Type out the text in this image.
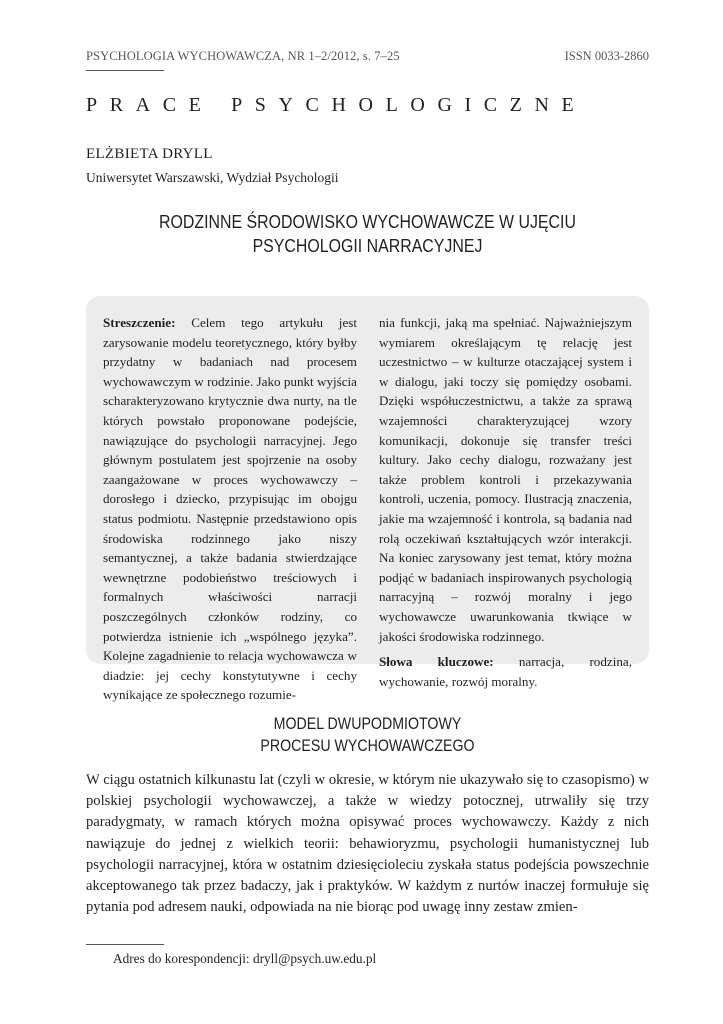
PSYCHOLOGIA WYCHOWAWCZA, NR 1–2/2012, s. 7–25	ISSN 0033-2860
PRACE PSYCHOLOGICZNE
ELŻBIETA DRYLL
Uniwersytet Warszawski, Wydział Psychologii
RODZINNE ŚRODOWISKO WYCHOWAWCZE W UJĘCIU
PSYCHOLOGII NARRACYJNEJ

Streszczenie: Celem tego artykułu jest zarysowanie modelu teoretycznego, który byłby przydatny w badaniach nad procesem wychowawczym w rodzinie. Jako punkt wyjścia scharakteryzowano krytycznie dwa nurty, na tle których powstało proponowane podejście, nawiązujące do psychologii narracyjnej. Jego głównym postulatem jest spojrzenie na osoby zaangażowane w proces wychowawczy – dorosłego i dziecko, przypisując im obojgu status podmiotu. Następnie przedstawiono opis środowiska rodzinnego jako niszy semantycznej, a także badania stwierdzające wewnętrzne podobieństwo treściowych i formalnych właściwości narracji poszczególnych członków rodziny, co potwierdza istnienie ich „wspólnego języka”. Kolejne zagadnienie to relacja wychowawcza w diadzie: jej cechy konstytutywne i cechy wynikające ze społecznego rozumie-

nia funkcji, jaką ma spełniać. Najważniejszym wymiarem określającym tę relację jest uczestnictwo – w kulturze otaczającej system i w dialogu, jaki toczy się pomiędzy osobami. Dzięki współuczestnictwu, a także za sprawą wzajemności charakteryzującej wzory komunikacji, dokonuje się transfer treści kultury. Jako cechy dialogu, rozważany jest także problem kontroli i przekazywania kontroli, uczenia, pomocy. Ilustracją znaczenia, jakie ma wzajemność i kontrola, są badania nad rolą oczekiwań kształtujących wzór interakcji. Na koniec zarysowany jest temat, który można podjąć w badaniach inspirowanych psychologią narracyjną – rozwój moralny i jego wychowawcze uwarunkowania tkwiące w jakości środowiska rodzinnego.

Słowa kluczowe: narracja, rodzina, wychowanie, rozwój moralny.

MODEL DWUPODMIOTOWY
PROCESU WYCHOWAWCZEGO

W ciągu ostatnich kilkunastu lat (czyli w okresie, w którym nie ukazywało się to czasopismo) w polskiej psychologii wychowawczej, a także w wiedzy potocznej, utrwaliły się trzy paradygmaty, w ramach których można opisywać proces wychowawczy. Każdy z nich nawiązuje do jednej z wielkich teorii: behawioryzmu, psychologii humanistycznej lub psychologii narracyjnej, która w ostatnim dziesięcioleciu zyskała status podejścia powszechnie akceptowanego tak przez badaczy, jak i praktyków. W każdym z nurtów inaczej formułuje się pytania pod adresem nauki, odpowiada na nie biorąc pod uwagę inny zestaw zmien-

Adres do korespondencji: dryll@psych.uw.edu.pl
